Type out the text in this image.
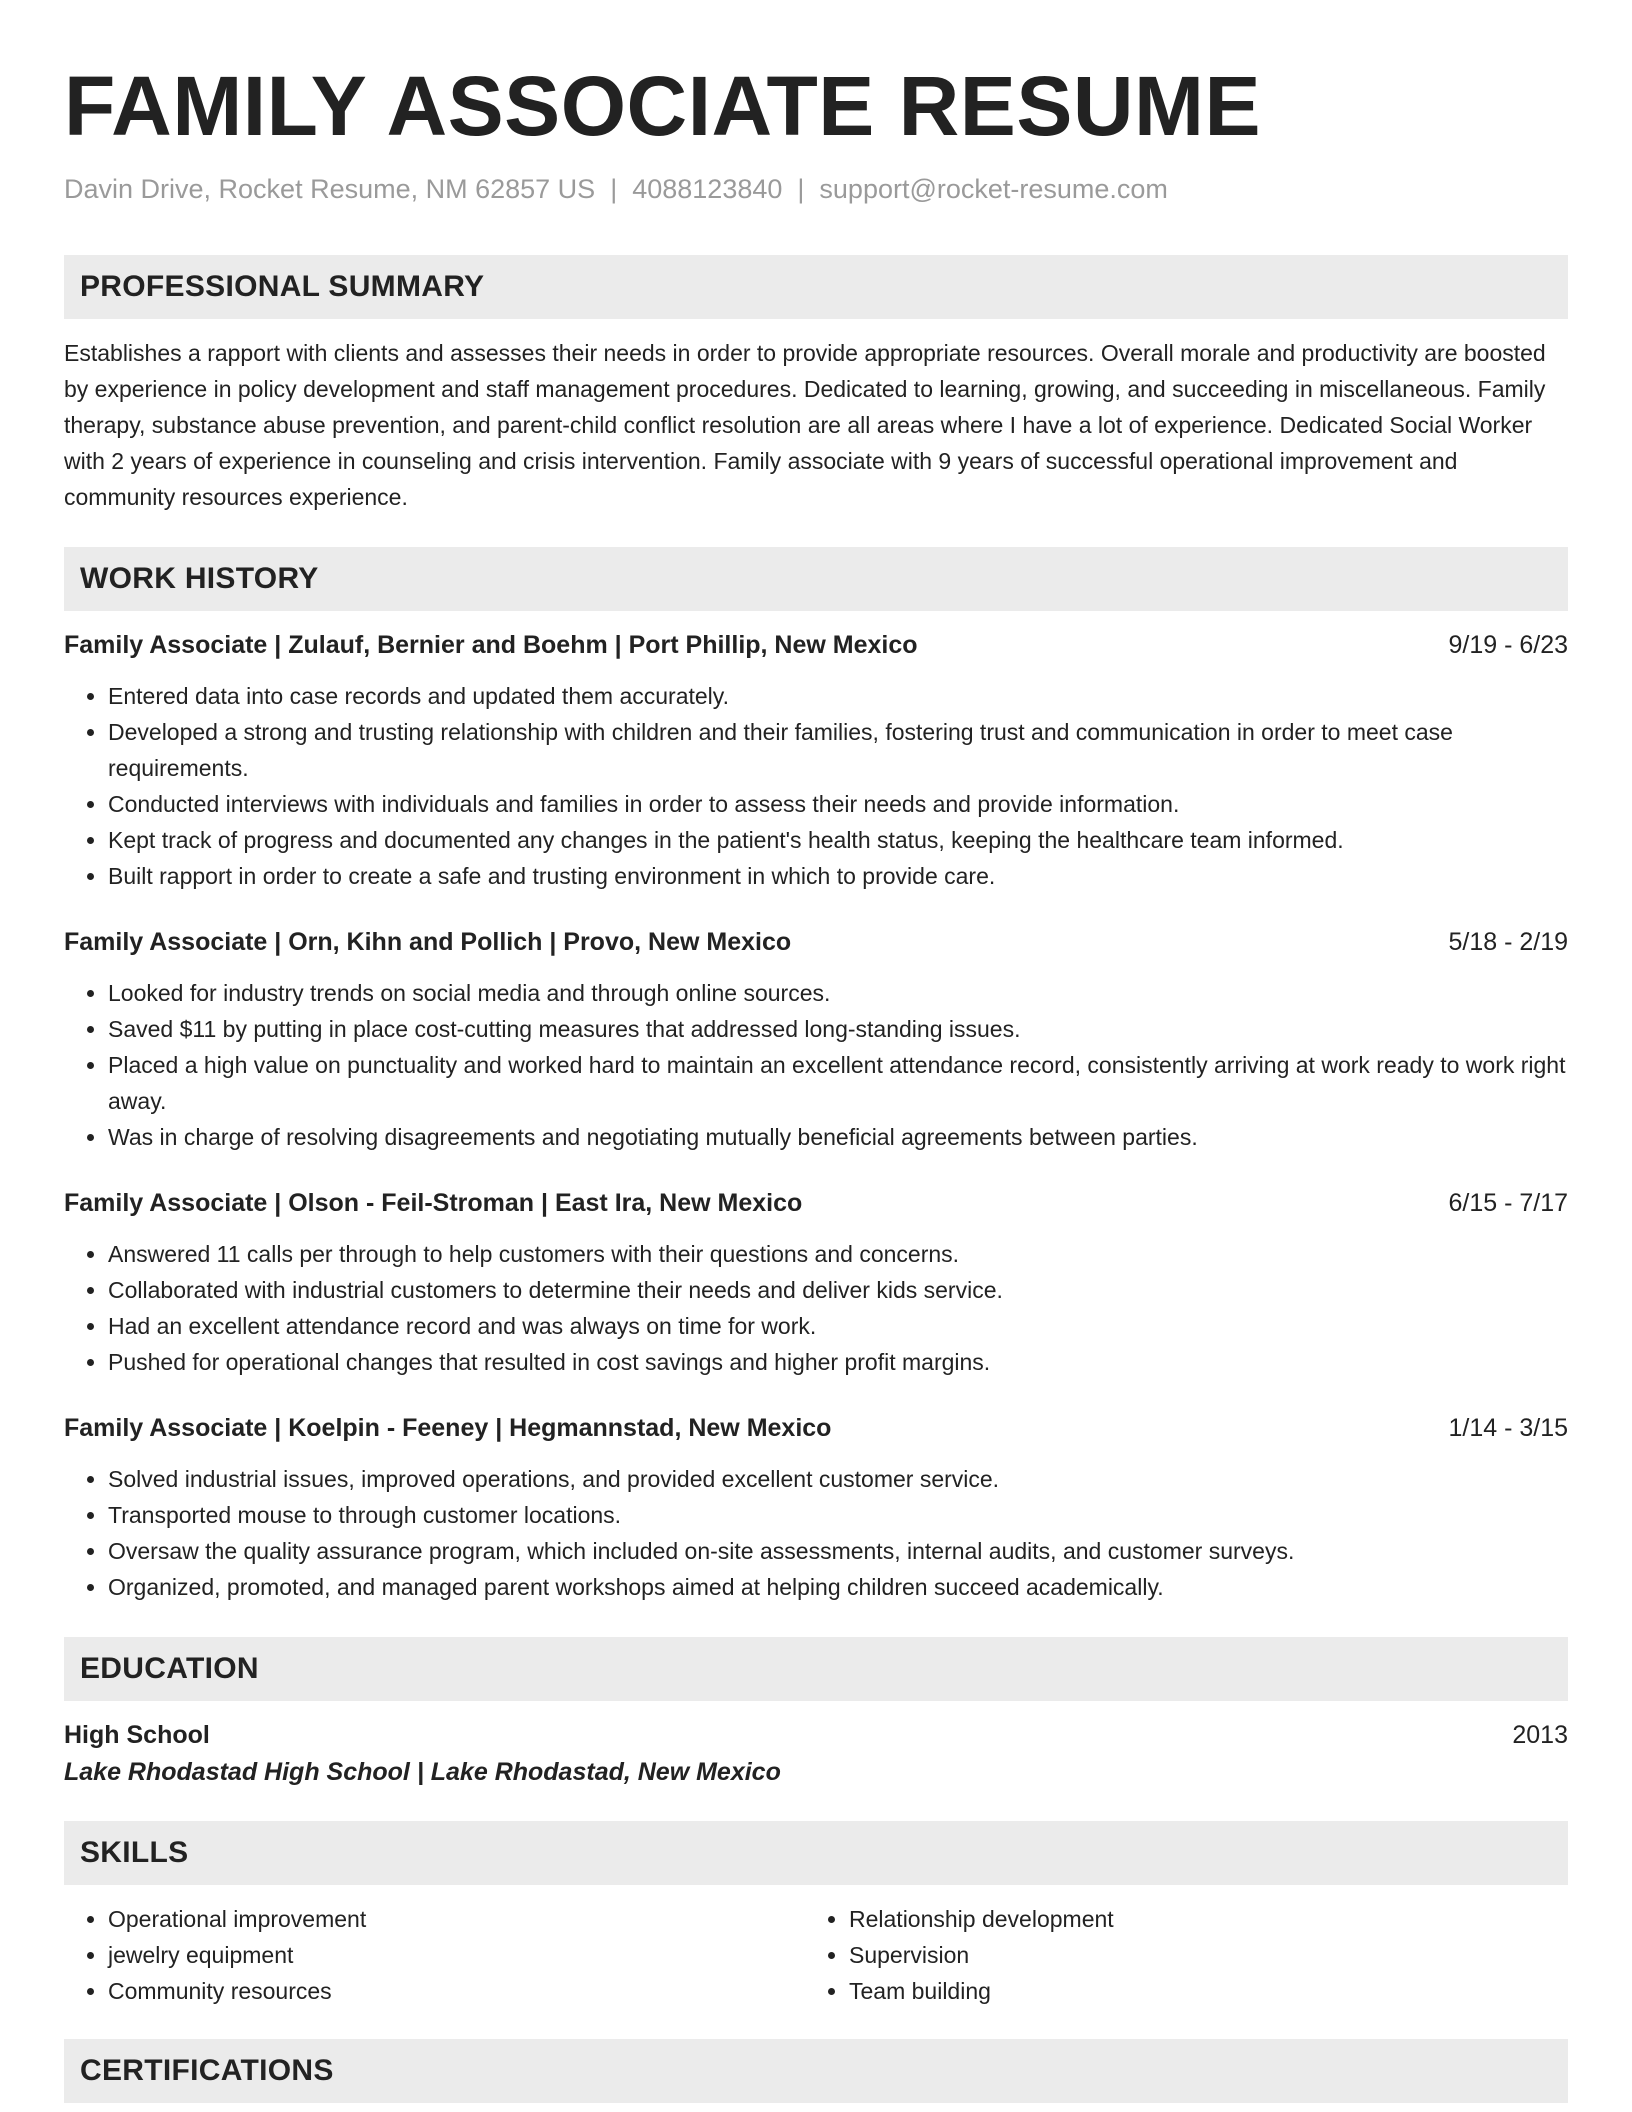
FAMILY ASSOCIATE RESUME
Davin Drive, Rocket Resume, NM 62857 US | 4088123840 | support@rocket-resume.com
PROFESSIONAL SUMMARY
Establishes a rapport with clients and assesses their needs in order to provide appropriate resources. Overall morale and productivity are boosted by experience in policy development and staff management procedures. Dedicated to learning, growing, and succeeding in miscellaneous. Family therapy, substance abuse prevention, and parent-child conflict resolution are all areas where I have a lot of experience. Dedicated Social Worker with 2 years of experience in counseling and crisis intervention. Family associate with 9 years of successful operational improvement and community resources experience.
WORK HISTORY
Family Associate | Zulauf, Bernier and Boehm | Port Phillip, New Mexico	9/19 - 6/23
• Entered data into case records and updated them accurately.
• Developed a strong and trusting relationship with children and their families, fostering trust and communication in order to meet case requirements.
• Conducted interviews with individuals and families in order to assess their needs and provide information.
• Kept track of progress and documented any changes in the patient's health status, keeping the healthcare team informed.
• Built rapport in order to create a safe and trusting environment in which to provide care.
Family Associate | Orn, Kihn and Pollich | Provo, New Mexico	5/18 - 2/19
• Looked for industry trends on social media and through online sources.
• Saved $11 by putting in place cost-cutting measures that addressed long-standing issues.
• Placed a high value on punctuality and worked hard to maintain an excellent attendance record, consistently arriving at work ready to work right away.
• Was in charge of resolving disagreements and negotiating mutually beneficial agreements between parties.
Family Associate | Olson - Feil-Stroman | East Ira, New Mexico	6/15 - 7/17
• Answered 11 calls per through to help customers with their questions and concerns.
• Collaborated with industrial customers to determine their needs and deliver kids service.
• Had an excellent attendance record and was always on time for work.
• Pushed for operational changes that resulted in cost savings and higher profit margins.
Family Associate | Koelpin - Feeney | Hegmannstad, New Mexico	1/14 - 3/15
• Solved industrial issues, improved operations, and provided excellent customer service.
• Transported mouse to through customer locations.
• Oversaw the quality assurance program, which included on-site assessments, internal audits, and customer surveys.
• Organized, promoted, and managed parent workshops aimed at helping children succeed academically.
EDUCATION
High School	2013
Lake Rhodastad High School | Lake Rhodastad, New Mexico
SKILLS
• Operational improvement
• jewelry equipment
• Community resources
• Relationship development
• Supervision
• Team building
CERTIFICATIONS
